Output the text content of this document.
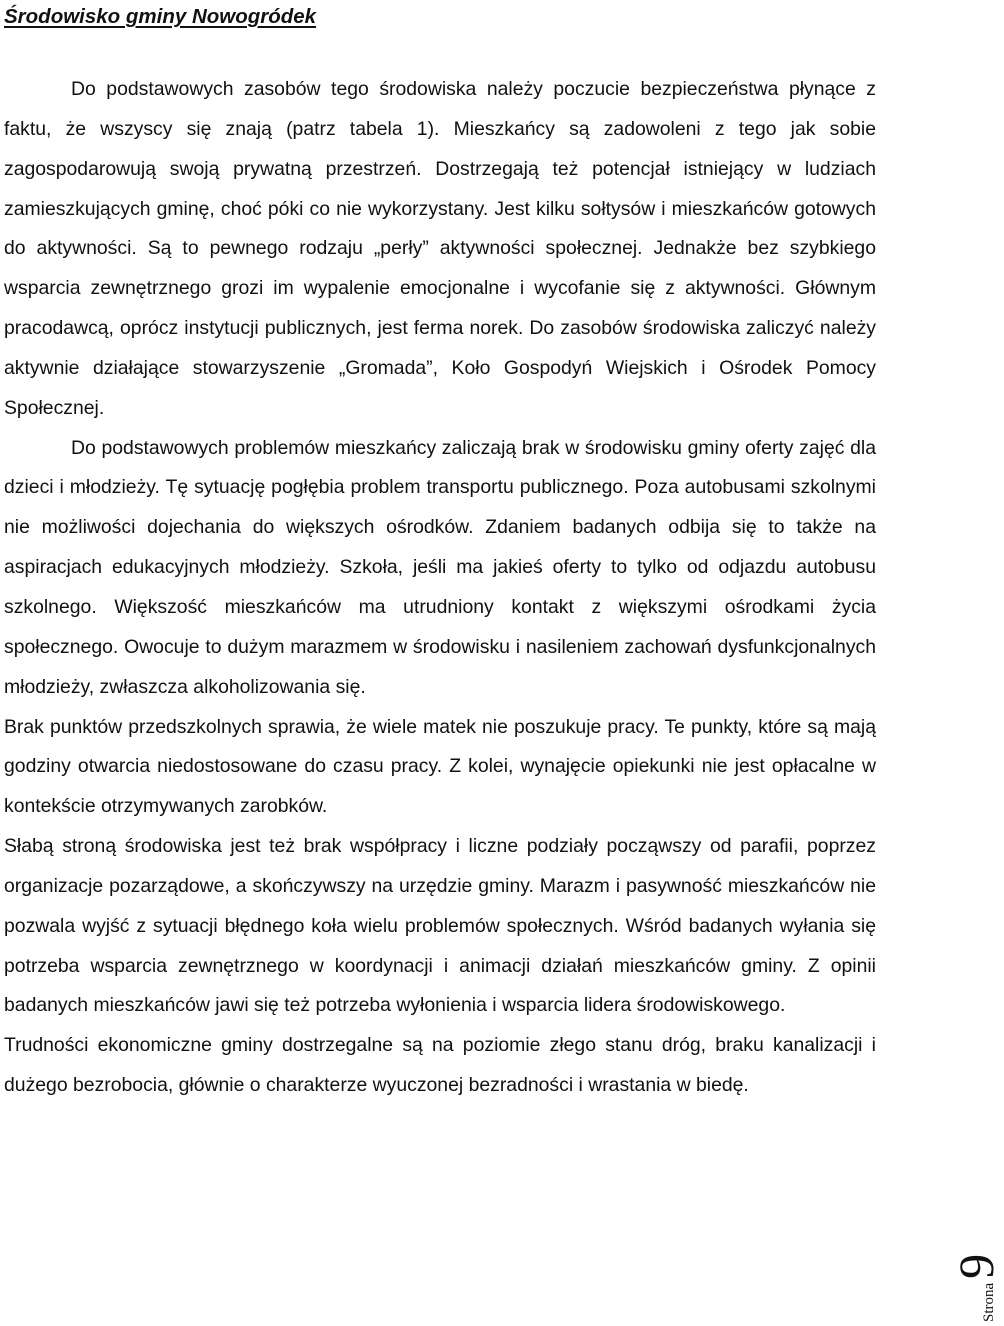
Środowisko gminy Nowogródek

Do podstawowych zasobów tego środowiska należy poczucie bezpieczeństwa płynące z faktu, że wszyscy się znają (patrz tabela 1). Mieszkańcy są zadowoleni z tego jak sobie zagospodarowują swoją prywatną przestrzeń. Dostrzegają też potencjał istniejący w ludziach zamieszkujących gminę, choć póki co nie wykorzystany. Jest kilku sołtysów i mieszkańców gotowych do aktywności. Są to pewnego rodzaju „perły” aktywności społecznej. Jednakże bez szybkiego wsparcia zewnętrznego grozi im wypalenie emocjonalne i wycofanie się z aktywności. Głównym pracodawcą, oprócz instytucji publicznych, jest ferma norek. Do zasobów środowiska zaliczyć należy aktywnie działające stowarzyszenie „Gromada”, Koło Gospodyń Wiejskich i Ośrodek Pomocy Społecznej.

Do podstawowych problemów mieszkańcy zaliczają brak w środowisku gminy oferty zajęć dla dzieci i młodzieży. Tę sytuację pogłębia problem transportu publicznego. Poza autobusami szkolnymi nie możliwości dojechania do większych ośrodków. Zdaniem badanych odbija się to także na aspiracjach edukacyjnych młodzieży. Szkoła, jeśli ma jakieś oferty to tylko od odjazdu autobusu szkolnego. Większość mieszkańców ma utrudniony kontakt z większymi ośrodkami życia społecznego. Owocuje to dużym marazmem w środowisku i nasileniem zachowań dysfunkcjonalnych młodzieży, zwłaszcza alkoholizowania się.

Brak punktów przedszkolnych sprawia, że wiele matek nie poszukuje pracy. Te punkty, które są mają godziny otwarcia niedostosowane do czasu pracy. Z kolei, wynajęcie opiekunki nie jest opłacalne w kontekście otrzymywanych zarobków.

Słabą stroną środowiska jest też brak współpracy i liczne podziały począwszy od parafii, poprzez organizacje pozarządowe, a skończywszy na urzędzie gminy. Marazm i pasywność mieszkańców nie pozwala wyjść z sytuacji błędnego koła wielu problemów społecznych. Wśród badanych wyłania się potrzeba wsparcia zewnętrznego w koordynacji i animacji działań mieszkańców gminy. Z opinii badanych mieszkańców jawi się też potrzeba wyłonienia i wsparcia lidera środowiskowego.

Trudności ekonomiczne gminy dostrzegalne są na poziomie złego stanu dróg, braku kanalizacji i dużego bezrobocia, głównie o charakterze wyuczonej bezradności i wrastania w biedę.

Strona 9
